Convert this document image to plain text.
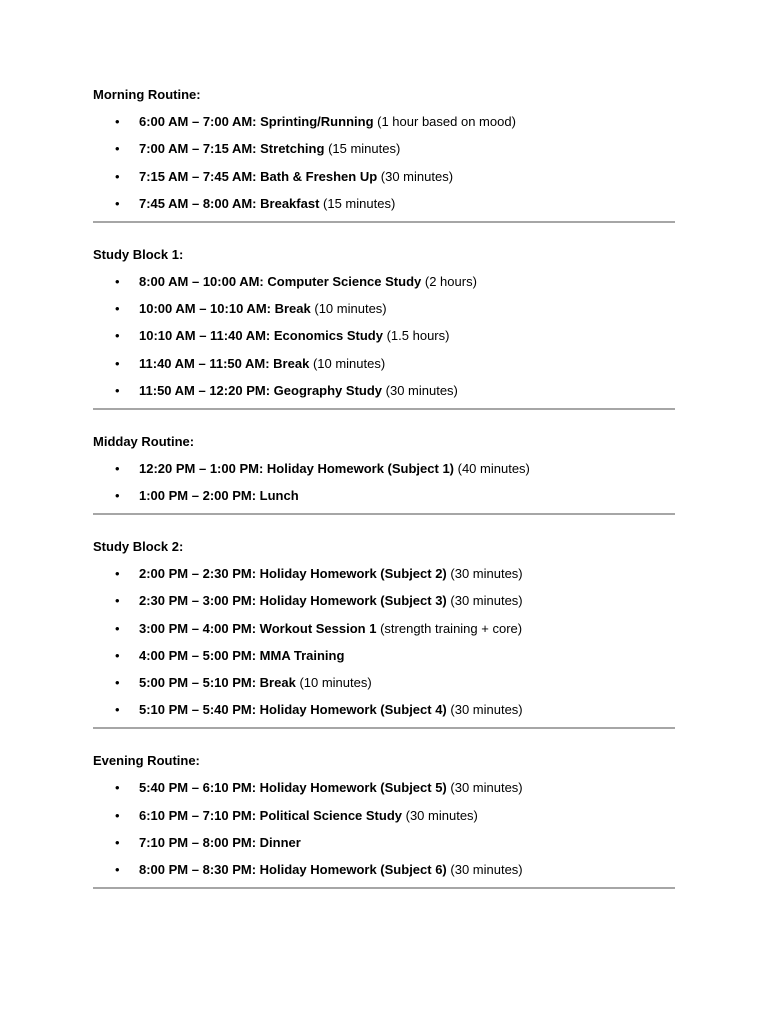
Morning Routine:

• 6:00 AM – 7:00 AM: Sprinting/Running (1 hour based on mood)
• 7:00 AM – 7:15 AM: Stretching (15 minutes)
• 7:15 AM – 7:45 AM: Bath & Freshen Up (30 minutes)
• 7:45 AM – 8:00 AM: Breakfast (15 minutes)

Study Block 1:

• 8:00 AM – 10:00 AM: Computer Science Study (2 hours)
• 10:00 AM – 10:10 AM: Break (10 minutes)
• 10:10 AM – 11:40 AM: Economics Study (1.5 hours)
• 11:40 AM – 11:50 AM: Break (10 minutes)
• 11:50 AM – 12:20 PM: Geography Study (30 minutes)

Midday Routine:

• 12:20 PM – 1:00 PM: Holiday Homework (Subject 1) (40 minutes)
• 1:00 PM – 2:00 PM: Lunch

Study Block 2:

• 2:00 PM – 2:30 PM: Holiday Homework (Subject 2) (30 minutes)
• 2:30 PM – 3:00 PM: Holiday Homework (Subject 3) (30 minutes)
• 3:00 PM – 4:00 PM: Workout Session 1 (strength training + core)
• 4:00 PM – 5:00 PM: MMA Training
• 5:00 PM – 5:10 PM: Break (10 minutes)
• 5:10 PM – 5:40 PM: Holiday Homework (Subject 4) (30 minutes)

Evening Routine:

• 5:40 PM – 6:10 PM: Holiday Homework (Subject 5) (30 minutes)
• 6:10 PM – 7:10 PM: Political Science Study (30 minutes)
• 7:10 PM – 8:00 PM: Dinner
• 8:00 PM – 8:30 PM: Holiday Homework (Subject 6) (30 minutes)
